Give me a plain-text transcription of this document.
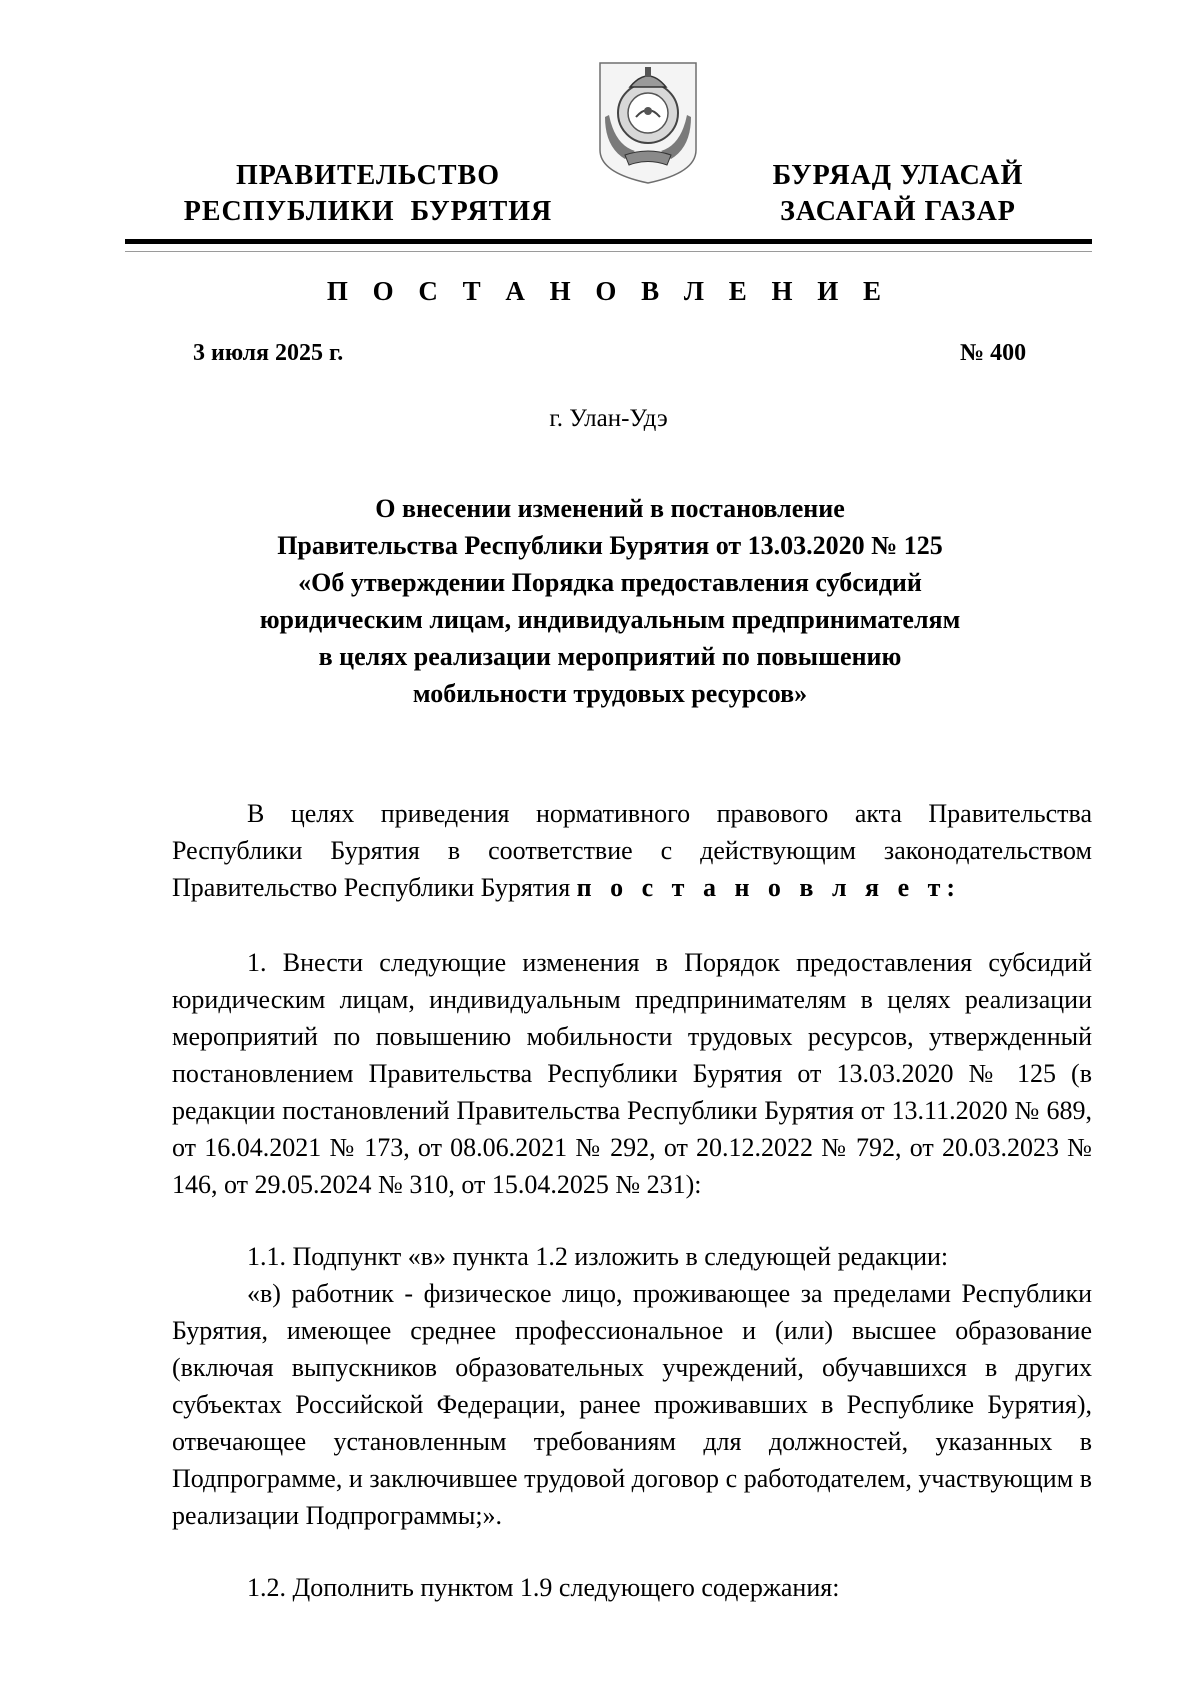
ПРАВИТЕЛЬСТВО
РЕСПУБЛИКИ  БУРЯТИЯ
БУРЯАД УЛАСАЙ
ЗАСАГАЙ ГАЗАР
П О С Т А Н О В Л Е Н И Е
3 июля 2025 г.	№ 400
г. Улан-Удэ
О внесении изменений в постановление
Правительства Республики Бурятия от 13.03.2020 № 125
«Об утверждении Порядка предоставления субсидий
юридическим лицам, индивидуальным предпринимателям
в целях реализации мероприятий по повышению
мобильности трудовых ресурсов»
В целях приведения нормативного правового акта Правительства Республики Бурятия в соответствие с действующим законодательством Правительство Республики Бурятия п о с т а н о в л я е т:
1. Внести следующие изменения в Порядок предоставления субсидий юридическим лицам, индивидуальным предпринимателям в целях реализации мероприятий по повышению мобильности трудовых ресурсов, утвержденный постановлением Правительства Республики Бурятия от 13.03.2020 № 125 (в редакции постановлений Правительства Республики Бурятия от 13.11.2020 № 689, от 16.04.2021 № 173, от 08.06.2021 № 292, от 20.12.2022 № 792, от 20.03.2023 № 146, от 29.05.2024 № 310, от 15.04.2025 № 231):
1.1. Подпункт «в» пункта 1.2 изложить в следующей редакции:
«в) работник - физическое лицо, проживающее за пределами Республики Бурятия, имеющее среднее профессиональное и (или) высшее образование (включая выпускников образовательных учреждений, обучавшихся в других субъектах Российской Федерации, ранее проживавших в Республике Бурятия), отвечающее установленным требованиям для должностей, указанных в Подпрограмме, и заключившее трудовой договор с работодателем, участвующим в реализации Подпрограммы;».
1.2. Дополнить пунктом 1.9 следующего содержания:
